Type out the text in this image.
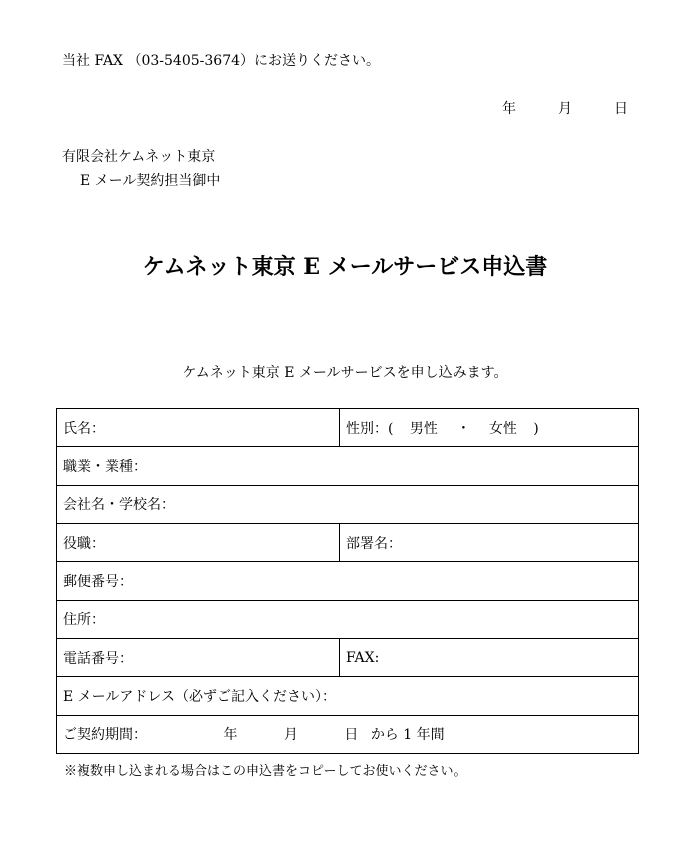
当社 FAX （03-5405-3674）にお送りください。
年	月	日
有限会社ケムネット東京
E メール契約担当御中
ケムネット東京 E メールサービス申込書
ケムネット東京 E メールサービスを申し込みます。
氏名：	性別：( 男性 ・ 女性 )
職業・業種：	
会社名・学校名：	
役職：	部署名：
郵便番号：	
住所：	
電話番号：	FAX:
E メールアドレス（必ずご記入ください）：	
ご契約期間： 年 月 日 から 1 年間	
※複数申し込まれる場合はこの申込書をコピーしてお使いください。
